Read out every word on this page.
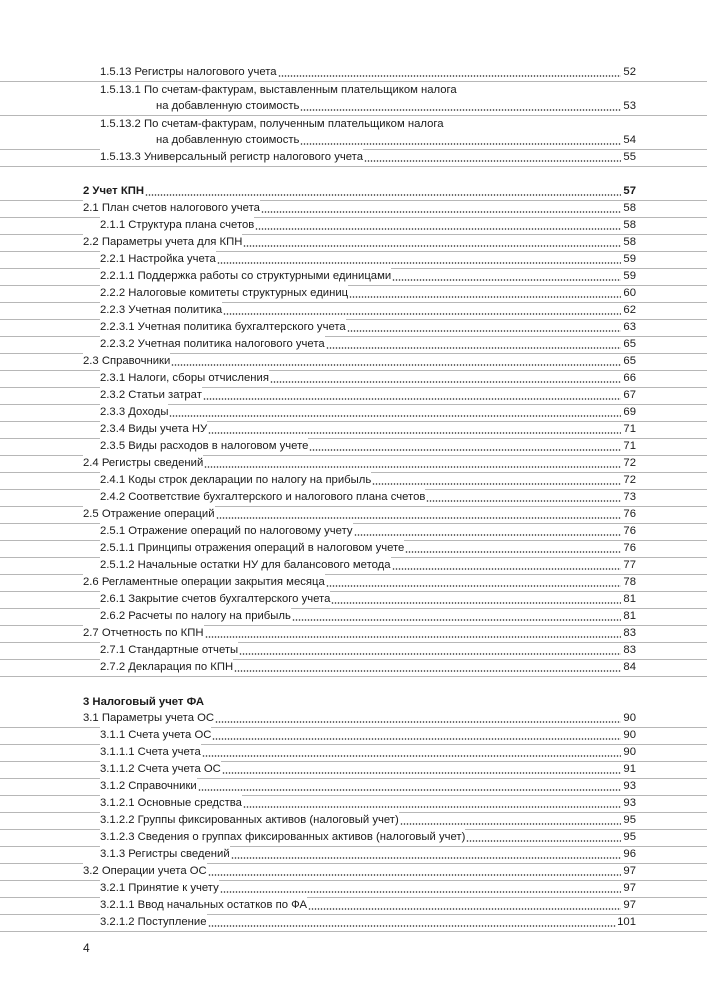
1.5.13 Регистры налогового учета	52
1.5.13.1 По счетам-фактурам, выставленным плательщиком налога
на добавленную стоимость	53
1.5.13.2 По счетам-фактурам, полученным плательщиком налога
на добавленную стоимость	54
1.5.13.3 Универсальный регистр налогового учета	55
2 Учет КПН	57
2.1 План счетов налогового учета	58
2.1.1 Структура плана счетов	58
2.2 Параметры учета для КПН	58
2.2.1 Настройка учета	59
2.2.1.1 Поддержка работы со структурными единицами	59
2.2.2 Налоговые комитеты структурных единиц	60
2.2.3 Учетная политика	62
2.2.3.1 Учетная политика бухгалтерского учета	63
2.2.3.2 Учетная политика налогового учета	65
2.3 Справочники	65
2.3.1 Налоги, сборы отчисления	66
2.3.2 Статьи затрат	67
2.3.3 Доходы	69
2.3.4 Виды учета НУ	71
2.3.5 Виды расходов в налоговом учете	71
2.4 Регистры сведений	72
2.4.1 Коды строк декларации по налогу на прибыль	72
2.4.2 Соответствие бухгалтерского и налогового плана счетов	73
2.5 Отражение операций	76
2.5.1 Отражение операций по налоговому учету	76
2.5.1.1 Принципы отражения операций в налоговом учете	76
2.5.1.2 Начальные остатки НУ для балансового метода	77
2.6 Регламентные операции закрытия месяца	78
2.6.1 Закрытие счетов бухгалтерского учета	81
2.6.2 Расчеты по налогу на прибыль	81
2.7 Отчетность по КПН	83
2.7.1 Стандартные отчеты	83
2.7.2 Декларация по КПН	84
3 Налоговый учет ФА
3.1 Параметры учета ОС	90
3.1.1 Счета учета ОС	90
3.1.1.1 Счета учета	90
3.1.1.2 Счета учета ОС	91
3.1.2 Справочники	93
3.1.2.1 Основные средства	93
3.1.2.2 Группы фиксированных активов (налоговый учет)	95
3.1.2.3 Сведения о группах фиксированных активов (налоговый учет)	95
3.1.3 Регистры сведений	96
3.2 Операции учета ОС	97
3.2.1 Принятие к учету	97
3.2.1.1 Ввод начальных остатков по ФА	97
3.2.1.2 Поступление	101
4
